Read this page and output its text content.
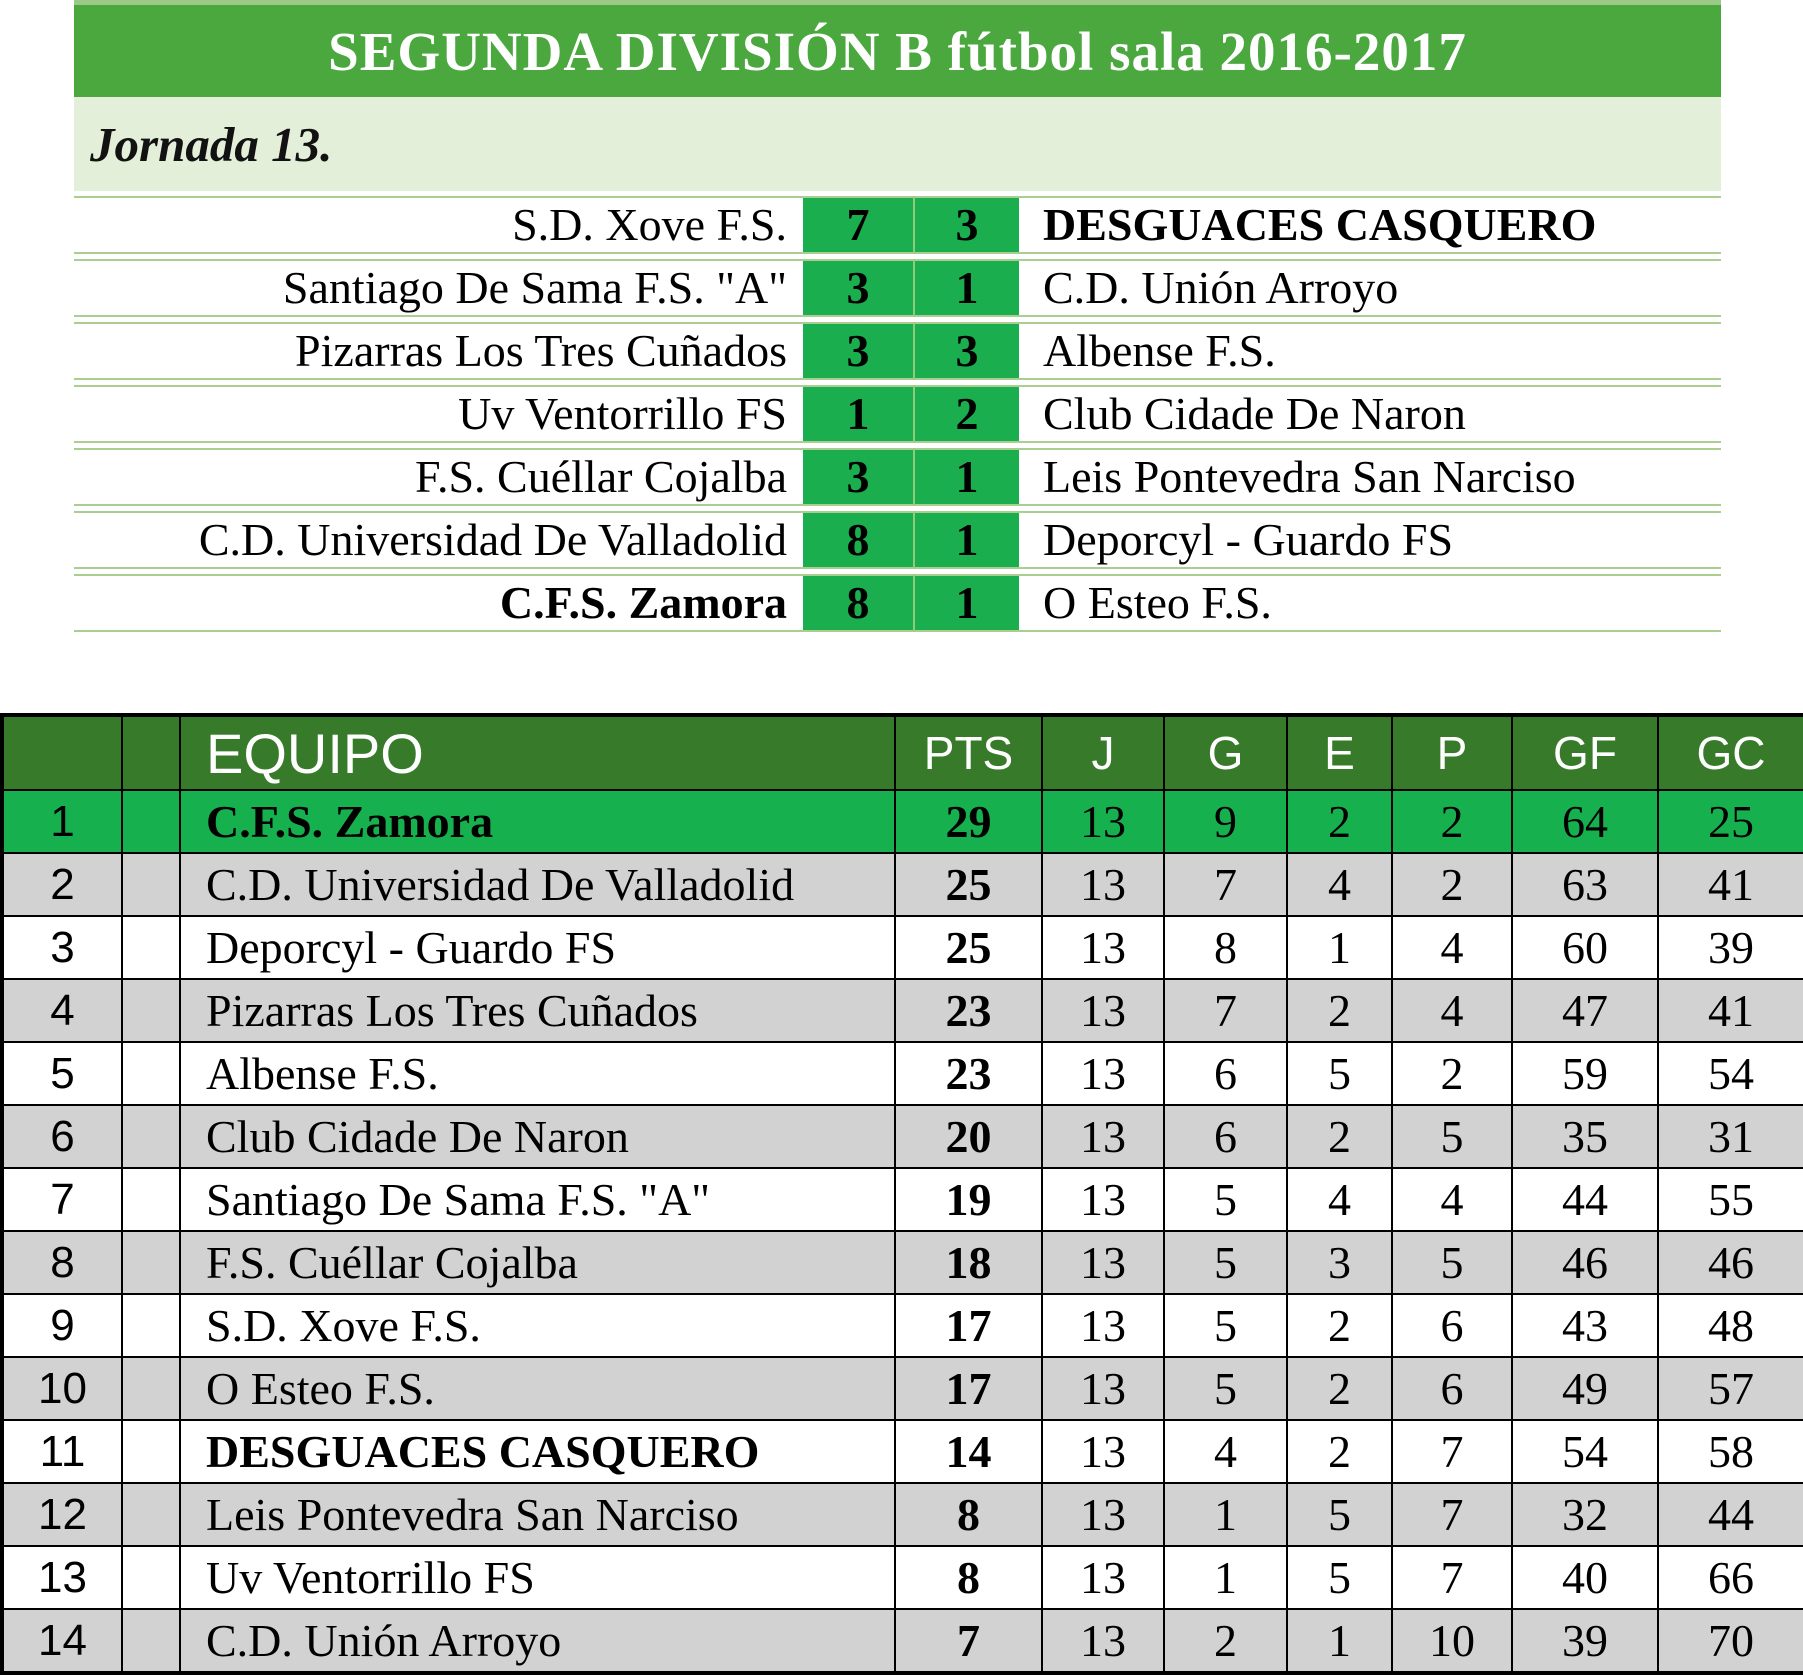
SEGUNDA DIVISIÓN B fútbol sala 2016-2017
Jornada 13.
S.D. Xove F.S.	7	3	DESGUACES CASQUERO
Santiago De Sama F.S. "A"	3	1	C.D. Unión Arroyo
Pizarras Los Tres Cuñados	3	3	Albense F.S.
Uv Ventorrillo FS	1	2	Club Cidade De Naron
F.S. Cuéllar Cojalba	3	1	Leis Pontevedra San Narciso
C.D. Universidad De Valladolid	8	1	Deporcyl - Guardo FS
C.F.S. Zamora	8	1	O Esteo F.S.
		EQUIPO	PTS	J	G	E	P	GF	GC
1		C.F.S. Zamora	29	13	9	2	2	64	25
2		C.D. Universidad De Valladolid	25	13	7	4	2	63	41
3		Deporcyl - Guardo FS	25	13	8	1	4	60	39
4		Pizarras Los Tres Cuñados	23	13	7	2	4	47	41
5		Albense F.S.	23	13	6	5	2	59	54
6		Club Cidade De Naron	20	13	6	2	5	35	31
7		Santiago De Sama F.S. "A"	19	13	5	4	4	44	55
8		F.S. Cuéllar Cojalba	18	13	5	3	5	46	46
9		S.D. Xove F.S.	17	13	5	2	6	43	48
10		O Esteo F.S.	17	13	5	2	6	49	57
11		DESGUACES CASQUERO	14	13	4	2	7	54	58
12		Leis Pontevedra San Narciso	8	13	1	5	7	32	44
13		Uv Ventorrillo FS	8	13	1	5	7	40	66
14		C.D. Unión Arroyo	7	13	2	1	10	39	70
